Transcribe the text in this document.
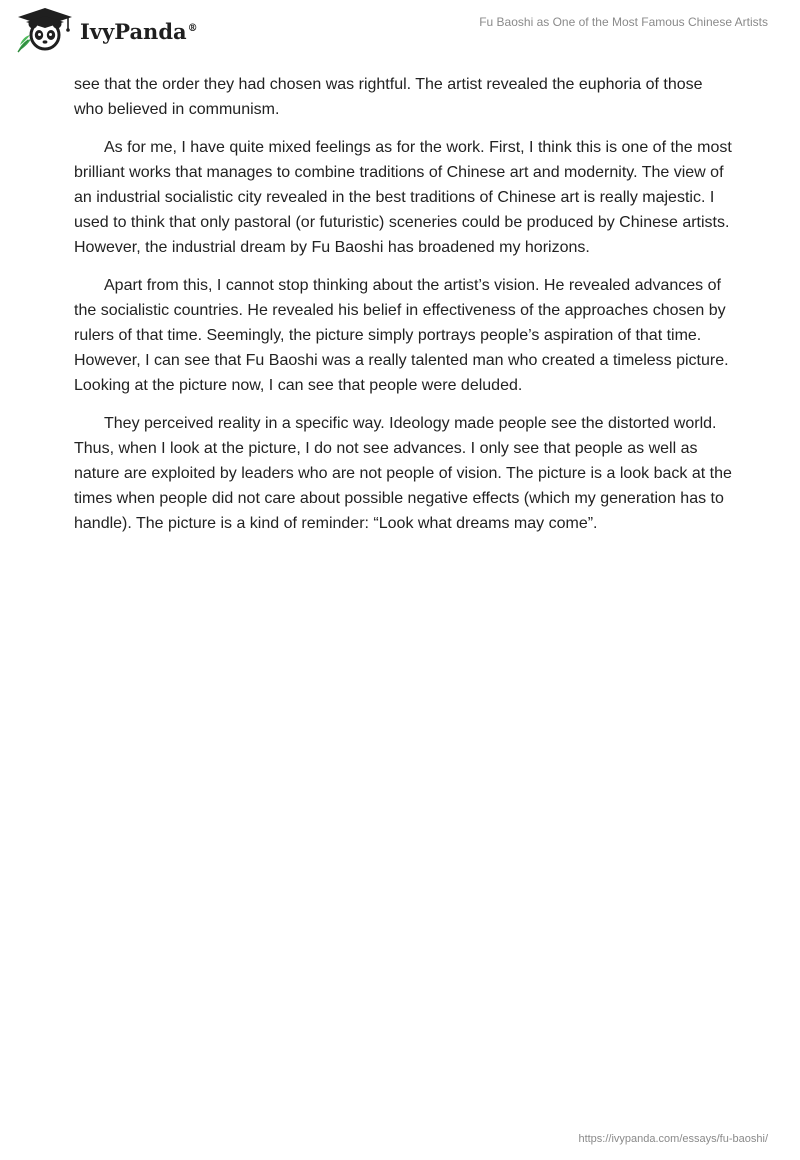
IvyPanda®	Fu Baoshi as One of the Most Famous Chinese Artists

see that the order they had chosen was rightful. The artist revealed the euphoria of those who believed in communism.

As for me, I have quite mixed feelings as for the work. First, I think this is one of the most brilliant works that manages to combine traditions of Chinese art and modernity. The view of an industrial socialistic city revealed in the best traditions of Chinese art is really majestic. I used to think that only pastoral (or futuristic) sceneries could be produced by Chinese artists. However, the industrial dream by Fu Baoshi has broadened my horizons.

Apart from this, I cannot stop thinking about the artist’s vision. He revealed advances of the socialistic countries. He revealed his belief in effectiveness of the approaches chosen by rulers of that time. Seemingly, the picture simply portrays people’s aspiration of that time. However, I can see that Fu Baoshi was a really talented man who created a timeless picture. Looking at the picture now, I can see that people were deluded.

They perceived reality in a specific way. Ideology made people see the distorted world. Thus, when I look at the picture, I do not see advances. I only see that people as well as nature are exploited by leaders who are not people of vision. The picture is a look back at the times when people did not care about possible negative effects (which my generation has to handle). The picture is a kind of reminder: “Look what dreams may come”.

https://ivypanda.com/essays/fu-baoshi/
